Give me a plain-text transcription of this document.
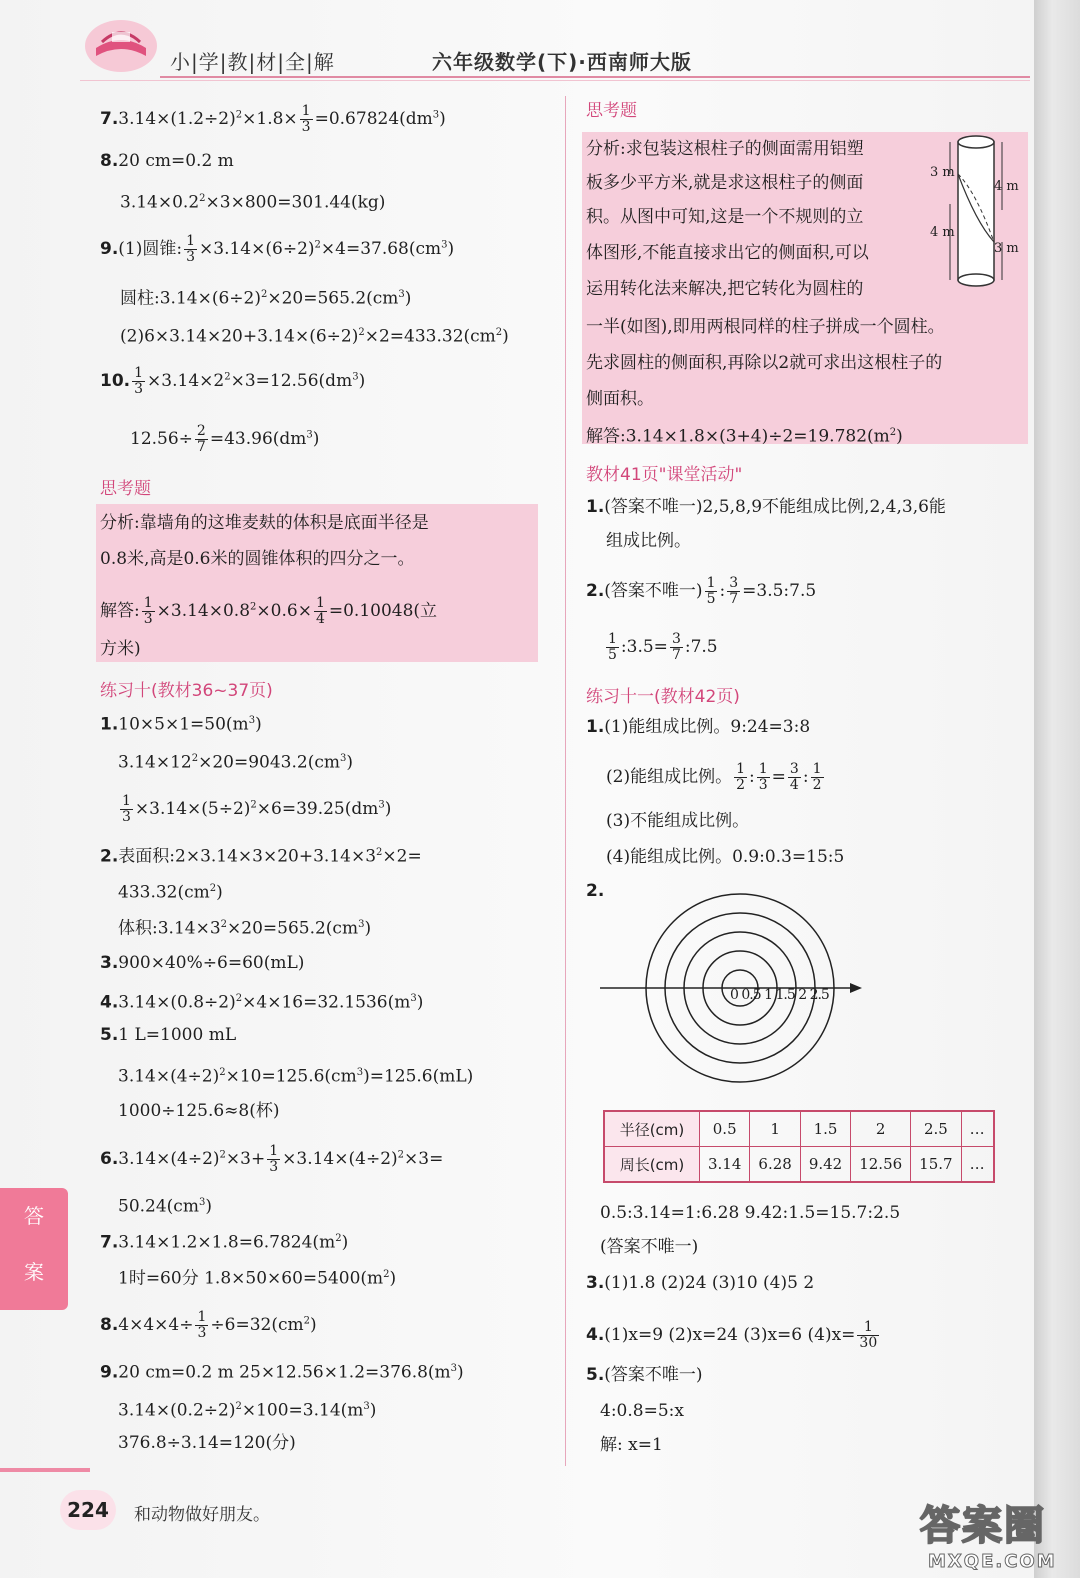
小|学|教|材|全|解	六年级数学(下)·西南师大版
$7.3.14\times(1.2\div 2)^2\times 1.8\times \frac{1}{3} =0.67824(dm^3)$
8.20 cm=0.2 m
$3.14\times 0.2^2\times 3\times 800=301.44(kg)$
9.(1)圆锥: $\frac{1}{3} \times 3.14\times(6\div 2)^2\times 4=37.68(cm^3)$
圆柱$:3.14\times(6\div 2)^2\times 20=565.2(cm^3)$
$(2)6\times 3.14\times 20+3.14\times(6\div 2)^2\times 2=433.32(cm^2)$
10. $\frac{1}{3} \times 3.14\times 2^2\times 3=12.56(dm^3)$
$12.56\div \frac{2}{7} =43.96(dm^3)$
思考题
分析:靠墙角的这堆麦麸的体积是底面半径是
0.8米,高是0.6米的圆锥体积的四分之一。
解答: $\frac{1}{3} \times 3.14\times 0.8^2\times 0.6\times \frac{1}{4} =0.10048$(立
方米)
练习十(教材36~37页)
$1.10\times 5\times 1=50(m^3)$
$3.14\times 12^2\times 20=9043.2(cm^3)$
$\frac{1}{3} \times 3.14\times(5\div 2)^2\times 6=39.25(dm^3)$
2.表面积$:2\times 3.14\times 3\times 20+3.14\times 3^2\times 2=$
$433.32(cm^2)$
体积$:3.14\times 3^2\times 20=565.2(cm^3)$
3.900×40%÷6=60(mL)
$4.3.14\times(0.8\div 2)^2\times 4\times 16=32.1536(m^3)$
5.1 L=1000 mL
$3.14\times(4\div 2)^2\times 10=125.6(cm^3)=125.6(mL)$
1000÷125.6≈8(杯)
$6.3.14\times(4\div 2)^2\times 3+ \frac{1}{3} \times 3.14\times(4\div 2)^2\times 3=$
$50.24(cm^3)$
$7.3.14\times 1.2\times 1.8=6.7824(m^2)$
1时=60分 $1.8\times 50\times 60=5400(m^2)$
$8.4\times 4\times 4\div \frac{1}{3} \div 6=32(cm^2)$
9.20 cm=0.2 m $25\times 12.56\times 1.2=376.8(m^3)$
$3.14\times(0.2\div 2)^2\times 100=3.14(m^3)$
376.8÷3.14=120(分)
思考题
分析:求包装这根柱子的侧面需用铝塑
板多少平方米,就是求这根柱子的侧面
积。从图中可知,这是一个不规则的立
体图形,不能直接求出它的侧面积,可以
运用转化法来解决,把它转化为圆柱的
一半(如图),即用两根同样的柱子拼成一个圆柱。
先求圆柱的侧面积,再除以2就可求出这根柱子的
侧面积。
解答$:3.14\times 1.8\times(3+4)\div 2=19.782(m^2)$
3 m
4 m
4 m
3 m
教材41页"课堂活动"
1.(答案不唯一)2,5,8,9不能组成比例,2,4,3,6能
组成比例。
2.(答案不唯一) $\frac{1}{5}$ : $\frac{3}{7}$ =3.5:7.5
$\frac{1}{5}$ :3.5= $\frac{3}{7}$ :7.5
练习十一(教材42页)
1.(1)能组成比例。9:24=3:8
(2)能组成比例。 $\frac{1}{2}$ : $\frac{1}{3} = \frac{3}{4}$ : $\frac{1}{2}$
(3)不能组成比例。
(4)能组成比例。0.9:0.3=15:5
2.
0 0.5 1 1.5 2 2.5
半径(cm)	0.5	1	1.5	2	2.5	…
周长(cm)	3.14	6.28	9.42	12.56	15.7	…
0.5:3.14=1:6.28 9.42:1.5=15.7:2.5
(答案不唯一)
3.(1)1.8 (2)24 (3)10 (4)5 2
4.(1)x=9 (2)x=24 (3)x=6 $(4)x= \frac{1}{30}$
5.(答案不唯一)
4:0.8=5:x
解: x=1
答
案
224	和动物做好朋友。	答案圈
MXQE.COM
